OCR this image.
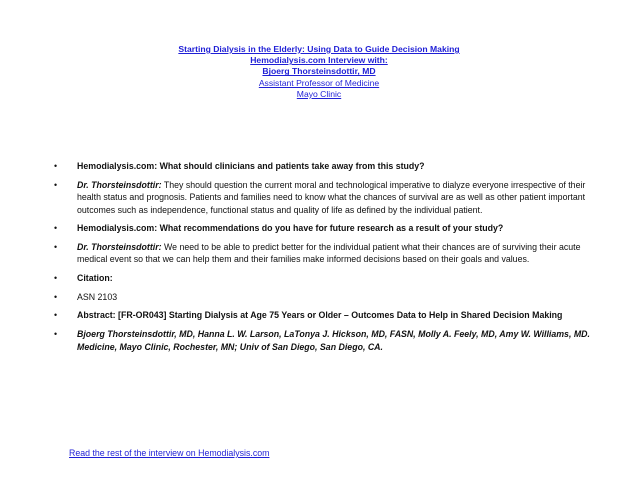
Starting Dialysis in the Elderly: Using Data to Guide Decision Making
Hemodialysis.com Interview with:
Bjoerg Thorsteinsdottir, MD
Assistant Professor of Medicine
Mayo Clinic
•	Hemodialysis.com: What should clinicians and patients take away from this study?
•	Dr. Thorsteinsdottir: They should question the current moral and technological imperative to dialyze everyone irrespective of their health status and prognosis. Patients and families need to know what the chances of survival are as well as other patient important outcomes such as independence, functional status and quality of life as defined by the individual patient.
•	Hemodialysis.com: What recommendations do you have for future research as a result of your study?
•	Dr. Thorsteinsdottir: We need to be able to predict better for the individual patient what their chances are of surviving their acute medical event so that we can help them and their families make informed decisions based on their goals and values.
•	Citation:
•	ASN 2103
•	Abstract: [FR-OR043] Starting Dialysis at Age 75 Years or Older – Outcomes Data to Help in Shared Decision Making
•	Bjoerg Thorsteinsdottir, MD, Hanna L. W. Larson, LaTonya J. Hickson, MD, FASN, Molly A. Feely, MD, Amy W. Williams, MD. Medicine, Mayo Clinic, Rochester, MN; Univ of San Diego, San Diego, CA.
Read the rest of the interview on Hemodialysis.com
